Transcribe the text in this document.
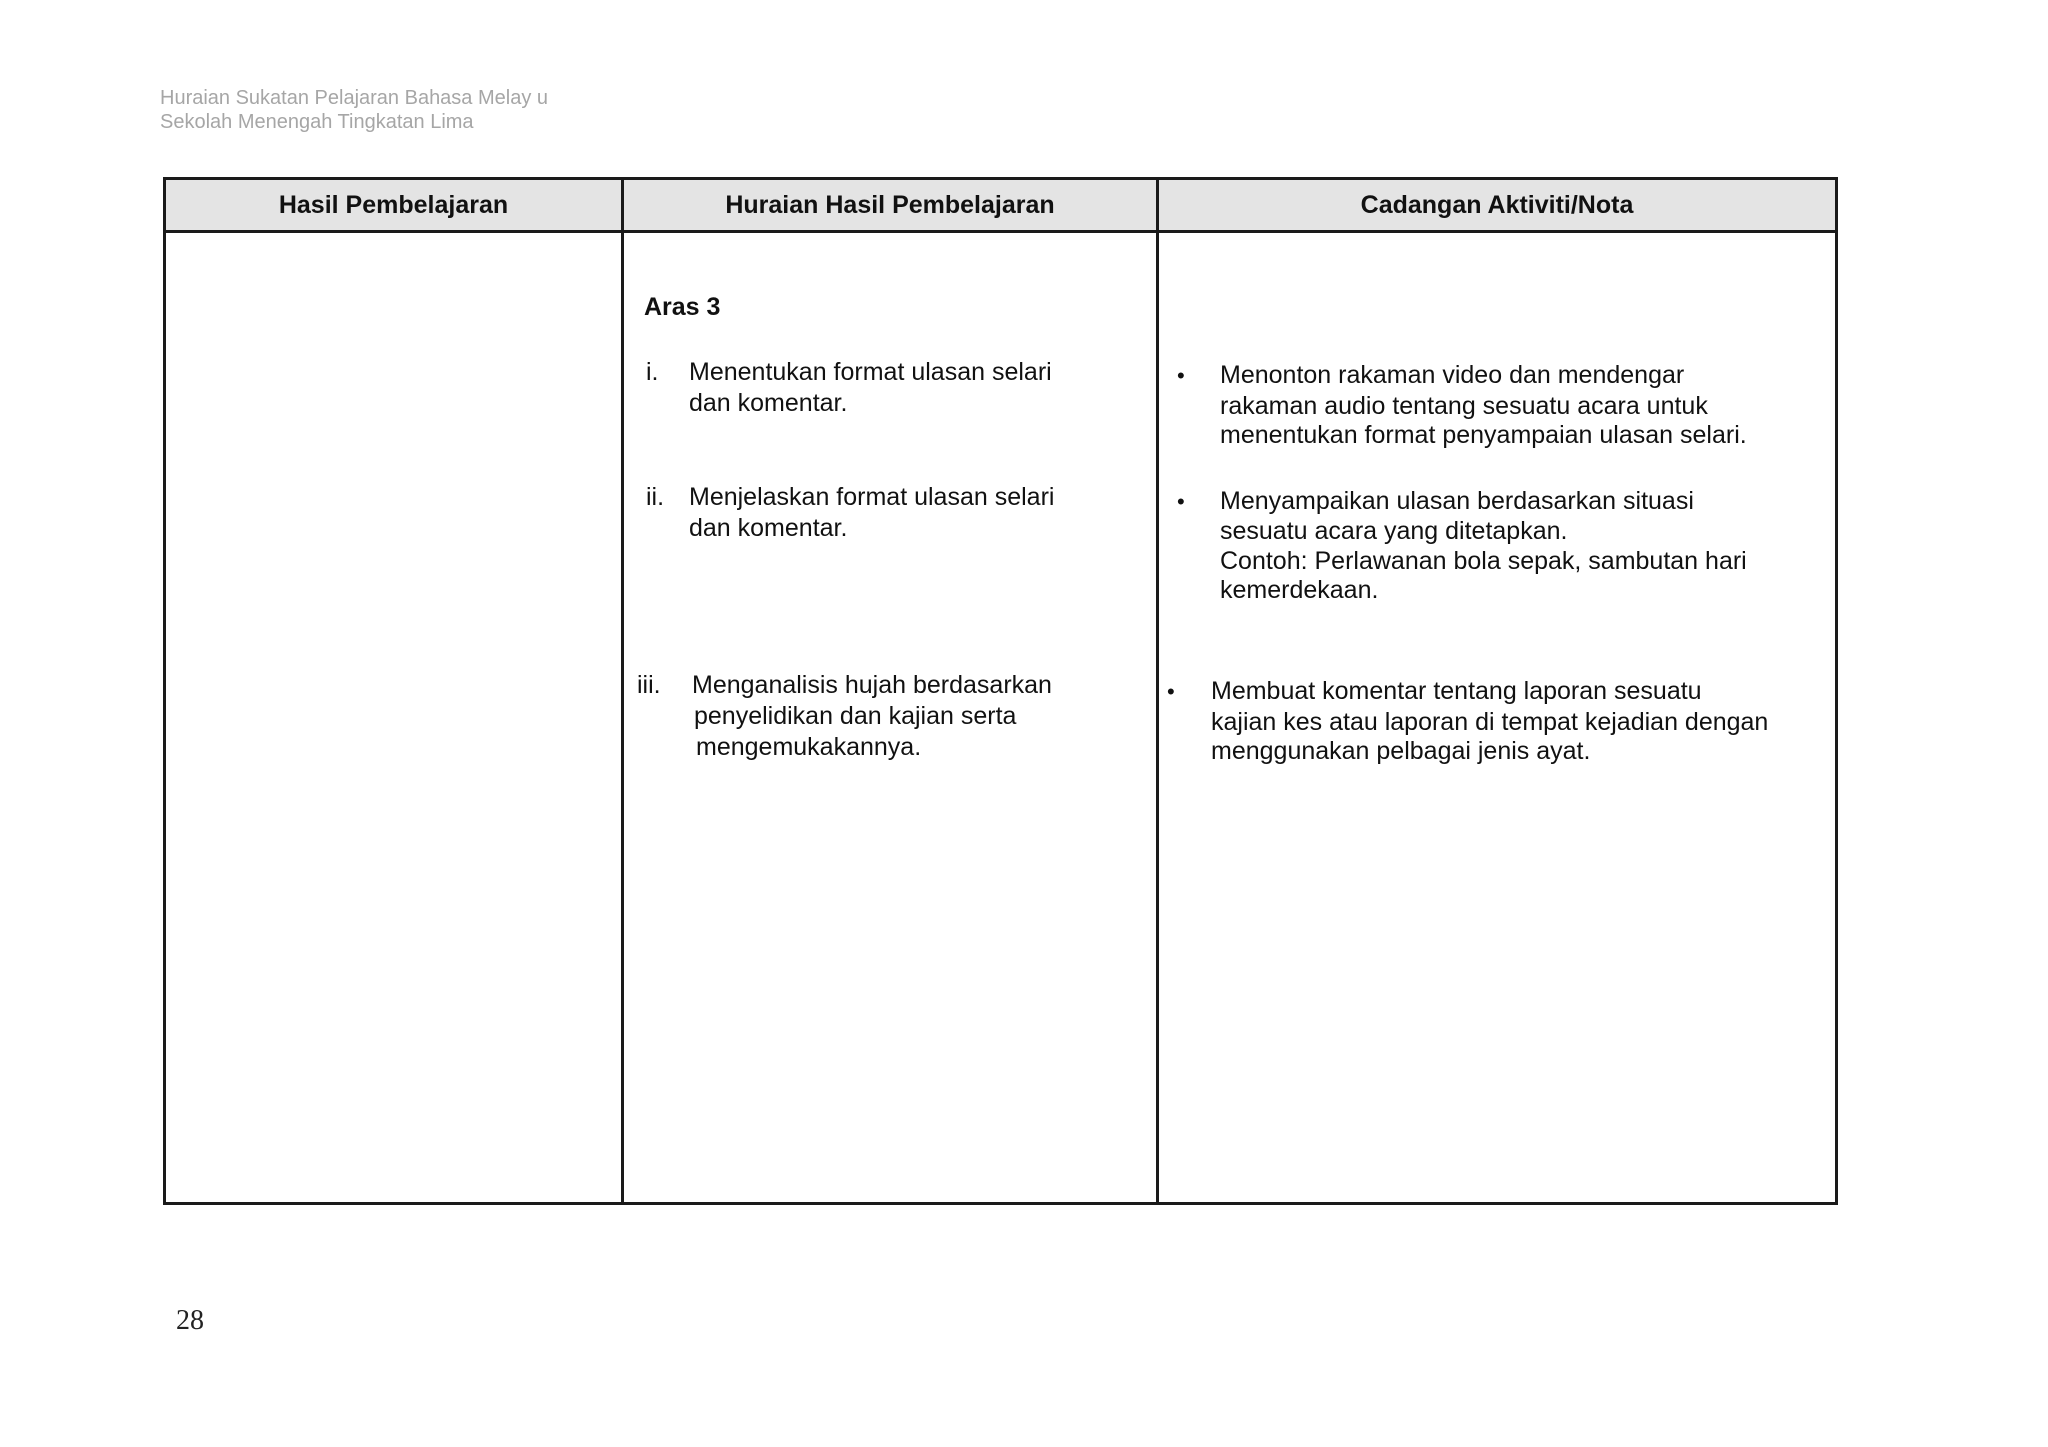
Huraian Sukatan Pelajaran Bahasa Melay u
Sekolah Menengah Tingkatan Lima
Hasil Pembelajaran	Huraian Hasil Pembelajaran	Cadangan Aktiviti/Nota
Aras 3
i. Menentukan format ulasan selari
dan komentar.
ii. Menjelaskan format ulasan selari
dan komentar.
iii. Menganalisis hujah berdasarkan
penyelidikan dan kajian serta
mengemukakannya.
• Menonton rakaman video dan mendengar
rakaman audio tentang sesuatu acara untuk
menentukan format penyampaian ulasan selari.
• Menyampaikan ulasan berdasarkan situasi
sesuatu acara yang ditetapkan.
Contoh: Perlawanan bola sepak, sambutan hari
kemerdekaan.
• Membuat komentar tentang laporan sesuatu
kajian kes atau laporan di tempat kejadian dengan
menggunakan pelbagai jenis ayat.
28
